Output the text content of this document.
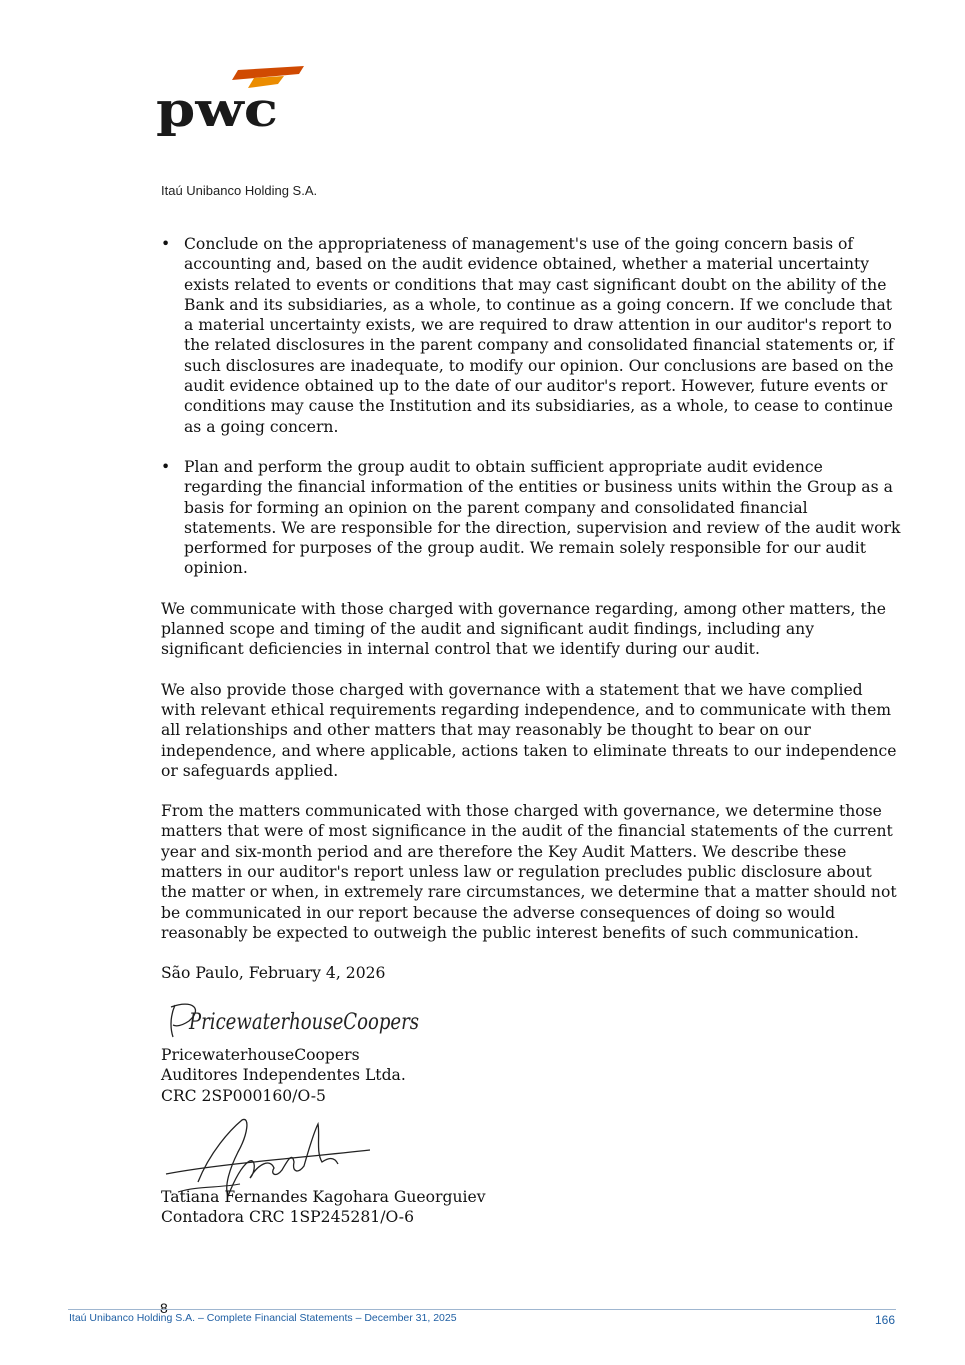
pwc
Itaú Unibanco Holding S.A.
• Conclude on the appropriateness of management's use of the going concern basis of accounting and, based on the audit evidence obtained, whether a material uncertainty exists related to events or conditions that may cast significant doubt on the ability of the Bank and its subsidiaries, as a whole, to continue as a going concern. If we conclude that a material uncertainty exists, we are required to draw attention in our auditor's report to the related disclosures in the parent company and consolidated financial statements or, if such disclosures are inadequate, to modify our opinion. Our conclusions are based on the audit evidence obtained up to the date of our auditor's report. However, future events or conditions may cause the Institution and its subsidiaries, as a whole, to cease to continue as a going concern.
• Plan and perform the group audit to obtain sufficient appropriate audit evidence regarding the financial information of the entities or business units within the Group as a basis for forming an opinion on the parent company and consolidated financial statements. We are responsible for the direction, supervision and review of the audit work performed for purposes of the group audit. We remain solely responsible for our audit opinion.

We communicate with those charged with governance regarding, among other matters, the planned scope and timing of the audit and significant audit findings, including any significant deficiencies in internal control that we identify during our audit.

We also provide those charged with governance with a statement that we have complied with relevant ethical requirements regarding independence, and to communicate with them all relationships and other matters that may reasonably be thought to bear on our independence, and where applicable, actions taken to eliminate threats to our independence or safeguards applied.

From the matters communicated with those charged with governance, we determine those matters that were of most significance in the audit of the financial statements of the current year and six-month period and are therefore the Key Audit Matters. We describe these matters in our auditor's report unless law or regulation precludes public disclosure about the matter or when, in extremely rare circumstances, we determine that a matter should not be communicated in our report because the adverse consequences of doing so would reasonably be expected to outweigh the public interest benefits of such communication.

São Paulo, February 4, 2026

PricewaterhouseCoopers
PricewaterhouseCoopers
Auditores Independentes Ltda.
CRC 2SP000160/O-5
Tatiana Fernandes Kagohara Gueorguiev
Contadora CRC 1SP245281/O-6
8
Itaú Unibanco Holding S.A. – Complete Financial Statements – December 31, 2025	166
